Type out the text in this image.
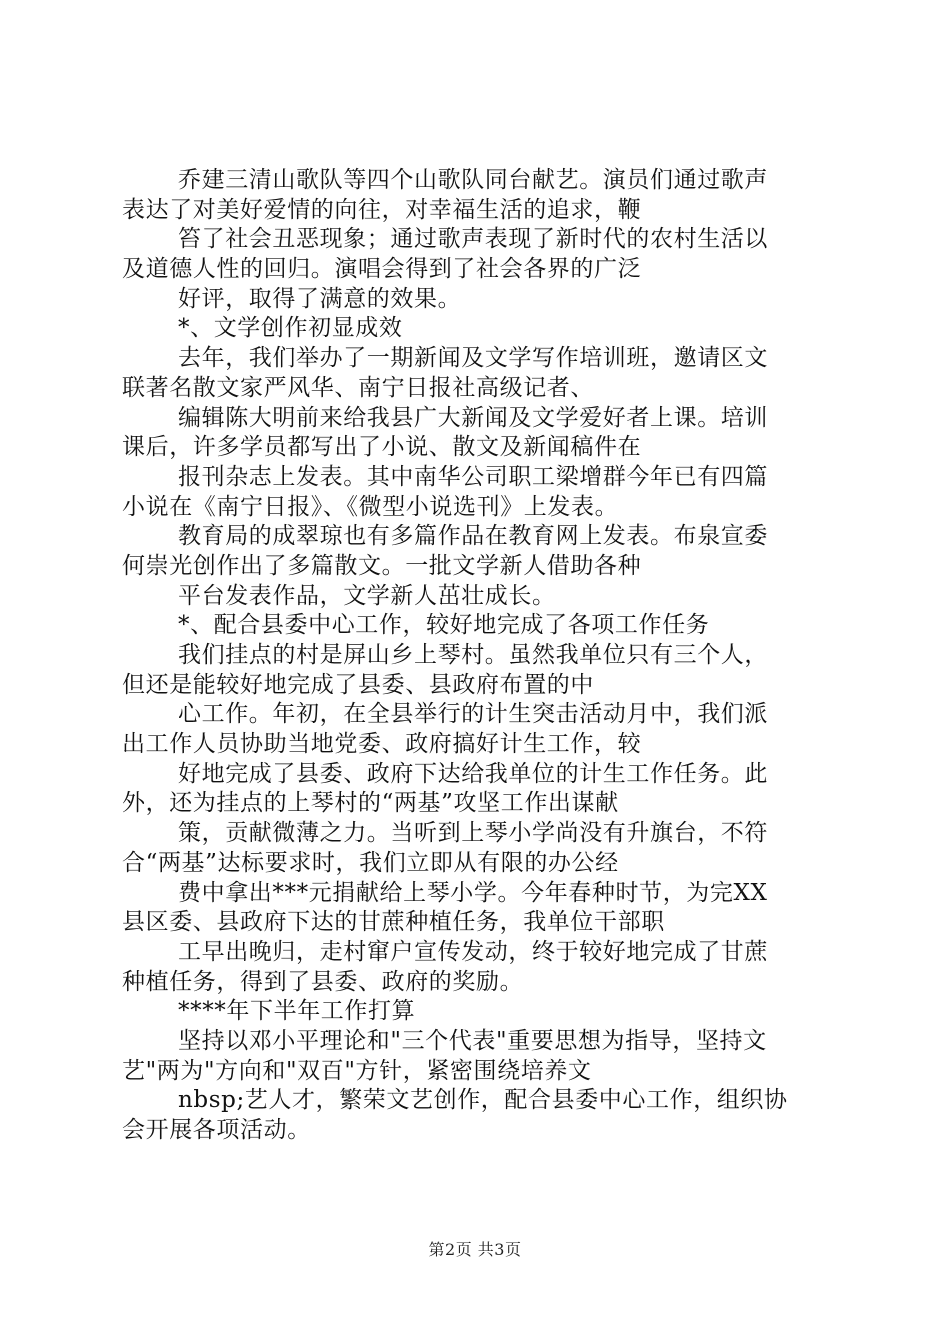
乔建三清山歌队等四个山歌队同台献艺。演员们通过歌声
表达了对美好爱情的向往，对幸福生活的追求，鞭
笞了社会丑恶现象；通过歌声表现了新时代的农村生活以
及道德人性的回归。演唱会得到了社会各界的广泛
好评，取得了满意的效果。
*、文学创作初显成效
去年，我们举办了一期新闻及文学写作培训班，邀请区文
联著名散文家严风华、南宁日报社高级记者、
编辑陈大明前来给我县广大新闻及文学爱好者上课。培训
课后，许多学员都写出了小说、散文及新闻稿件在
报刊杂志上发表。其中南华公司职工梁增群今年已有四篇
小说在《南宁日报》、《微型小说选刊》上发表。
教育局的成翠琼也有多篇作品在教育网上发表。布泉宣委
何崇光创作出了多篇散文。一批文学新人借助各种
平台发表作品，文学新人茁壮成长。
*、配合县委中心工作，较好地完成了各项工作任务
我们挂点的村是屏山乡上琴村。虽然我单位只有三个人，
但还是能较好地完成了县委、县政府布置的中
心工作。年初，在全县举行的计生突击活动月中，我们派
出工作人员协助当地党委、政府搞好计生工作，较
好地完成了县委、政府下达给我单位的计生工作任务。此
外，还为挂点的上琴村的“两基”攻坚工作出谋献
策，贡献微薄之力。当听到上琴小学尚没有升旗台，不符
合“两基”达标要求时，我们立即从有限的办公经
费中拿出***元捐献给上琴小学。今年春种时节，为完XX
县区委、县政府下达的甘蔗种植任务，我单位干部职
工早出晚归，走村窜户宣传发动，终于较好地完成了甘蔗
种植任务，得到了县委、政府的奖励。
****年下半年工作打算
坚持以邓小平理论和"三个代表"重要思想为指导，坚持文
艺"两为"方向和"双百"方针，紧密围绕培养文
nbsp;艺人才，繁荣文艺创作，配合县委中心工作，组织协
会开展各项活动。
第2页 共3页
